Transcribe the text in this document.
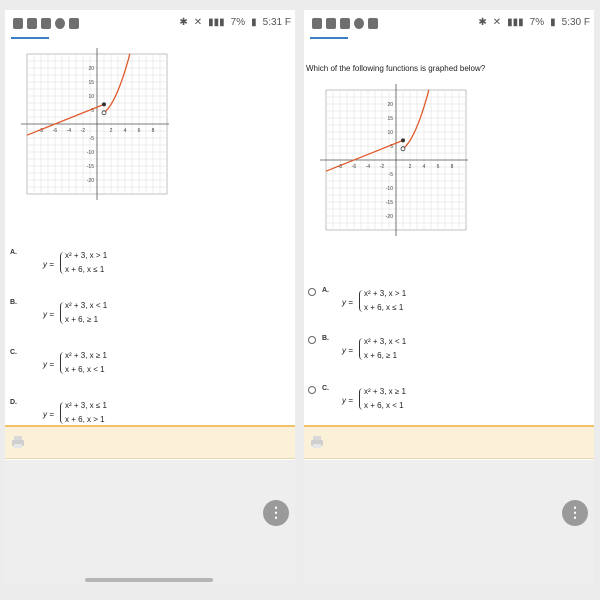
✱ ✕ ▮▮▮ 7% ▮ 5:31 F
-8 -6 -4 -2	2 4 6 8
20
15
10
5
-5
-10
-15
-20
A.
y =
x² + 3, x > 1
x + 6, x ≤ 1
B.
y =
x² + 3, x < 1
x + 6, ≥ 1
C.
y =
x² + 3, x ≥ 1
x + 6, x < 1
D.
y =
x² + 3, x ≤ 1
x + 6, x > 1
⋮
✱ ✕ ▮▮▮ 7% ▮ 5:30 F
Which of the following functions is graphed below?
-8 -6 -4 -2	2 4 6 8
20
15
10
5
-5
-10
-15
-20
A.
y =
x² + 3, x > 1
x + 6, x ≤ 1
B.
y =
x² + 3, x < 1
x + 6, ≥ 1
C.
y =
x² + 3, x ≥ 1
x + 6, x < 1
⋮
